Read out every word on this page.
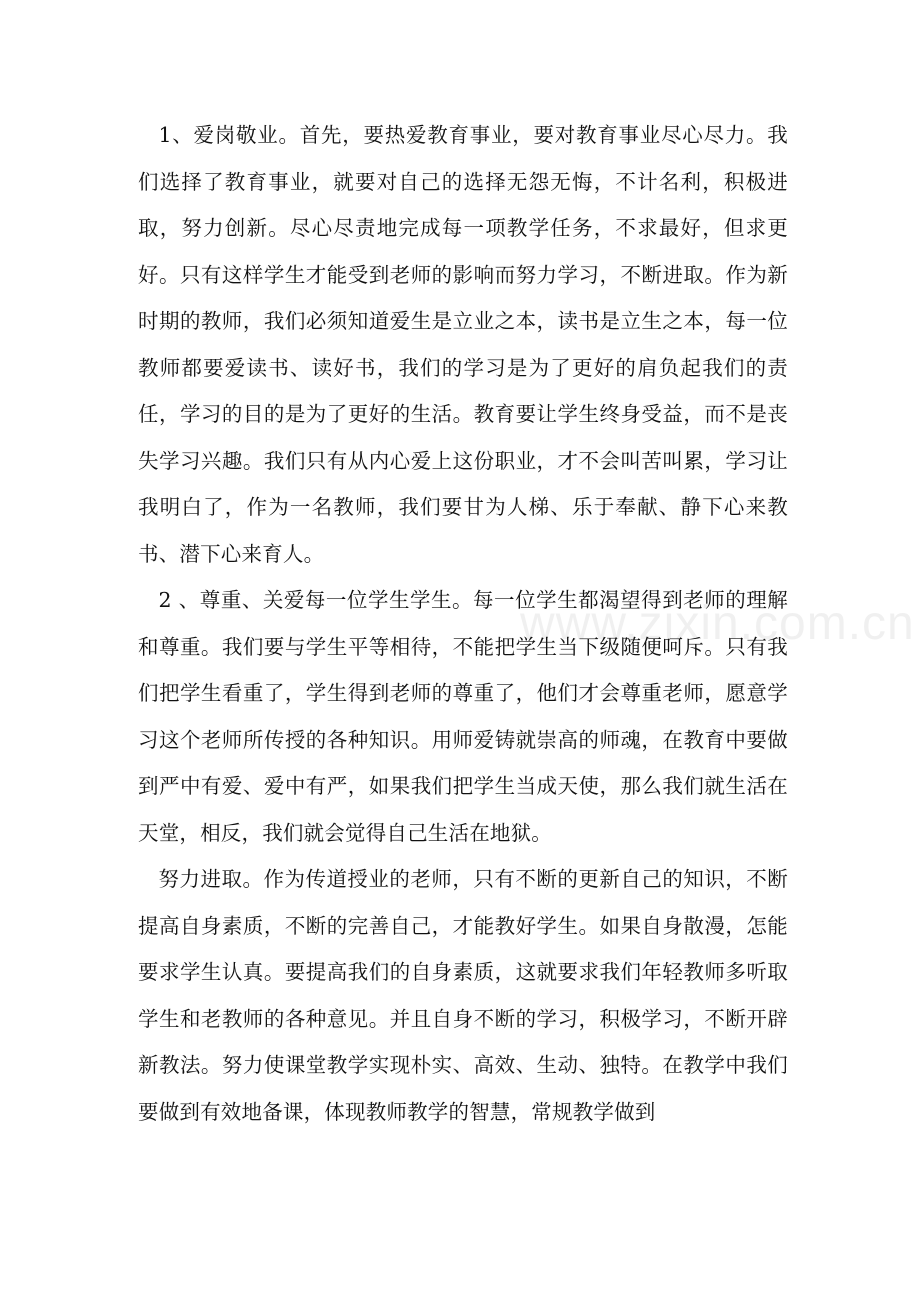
1、爱岗敬业。首先，要热爱教育事业，要对教育事业尽心尽力。我们选择了教育事业，就要对自己的选择无怨无悔，不计名利，积极进取，努力创新。尽心尽责地完成每一项教学任务，不求最好，但求更好。只有这样学生才能受到老师的影响而努力学习，不断进取。作为新时期的教师，我们必须知道爱生是立业之本，读书是立生之本，每一位教师都要爱读书、读好书，我们的学习是为了更好的肩负起我们的责任，学习的目的是为了更好的生活。教育要让学生终身受益，而不是丧失学习兴趣。我们只有从内心爱上这份职业，才不会叫苦叫累，学习让我明白了，作为一名教师，我们要甘为人梯、乐于奉献、静下心来教书、潜下心来育人。

2 、尊重、关爱每一位学生学生。每一位学生都渴望得到老师的理解和尊重。我们要与学生平等相待，不能把学生当下级随便呵斥。只有我们把学生看重了，学生得到老师的尊重了，他们才会尊重老师，愿意学习这个老师所传授的各种知识。用师爱铸就崇高的师魂，在教育中要做到严中有爱、爱中有严，如果我们把学生当成天使，那么我们就生活在天堂，相反，我们就会觉得自己生活在地狱。

努力进取。作为传道授业的老师，只有不断的更新自己的知识，不断提高自身素质，不断的完善自己，才能教好学生。如果自身散漫，怎能要求学生认真。要提高我们的自身素质，这就要求我们年轻教师多听取学生和老教师的各种意见。并且自身不断的学习，积极学习，不断开辟新教法。努力使课堂教学实现朴实、高效、生动、独特。在教学中我们要做到有效地备课，体现教师教学的智慧，常规教学做到

www.zixin.com.cn
